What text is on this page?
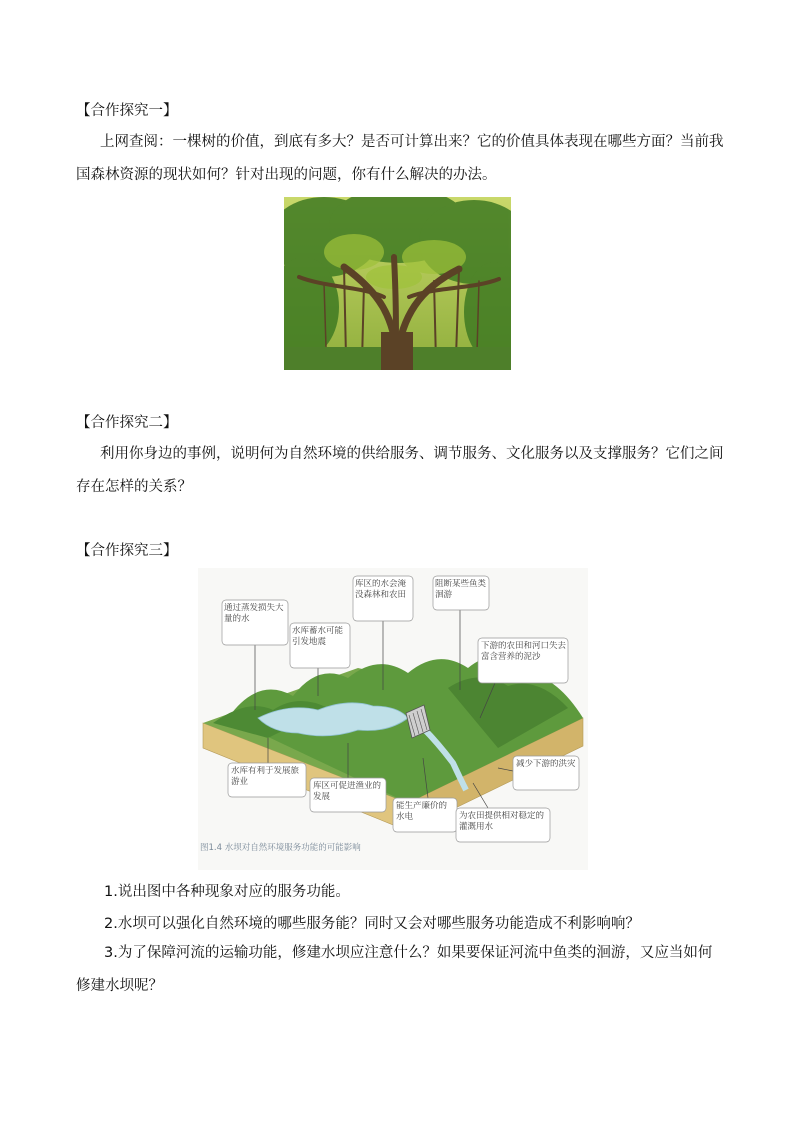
【合作探究一】

上网查阅：一棵树的价值，到底有多大？是否可计算出来？它的价值具体表现在哪些方面？当前我国森林资源的现状如何？针对出现的问题，你有什么解决的办法。

【合作探究二】

利用你身边的事例，说明何为自然环境的供给服务、调节服务、文化服务以及支撑服务？它们之间存在怎样的关系？

【合作探究三】

通过蒸发损失大量的水
水库蓄水可能引发地震
库区的水会淹没森林和农田
阻断某些鱼类洄游
下游的农田和河口失去富含营养的泥沙
减少下游的洪灾
水库有利于发展旅游业	库区可促进渔业的发展
能生产廉价的水电	为农田提供相对稳定的灌溉用水
图1.4 水坝对自然环境服务功能的可能影响

1.说出图中各种现象对应的服务功能。

2.水坝可以强化自然环境的哪些服务能？同时又会对哪些服务功能造成不利影响响？

3.为了保障河流的运输功能，修建水坝应注意什么？如果要保证河流中鱼类的洄游，又应当如何修建水坝呢？
